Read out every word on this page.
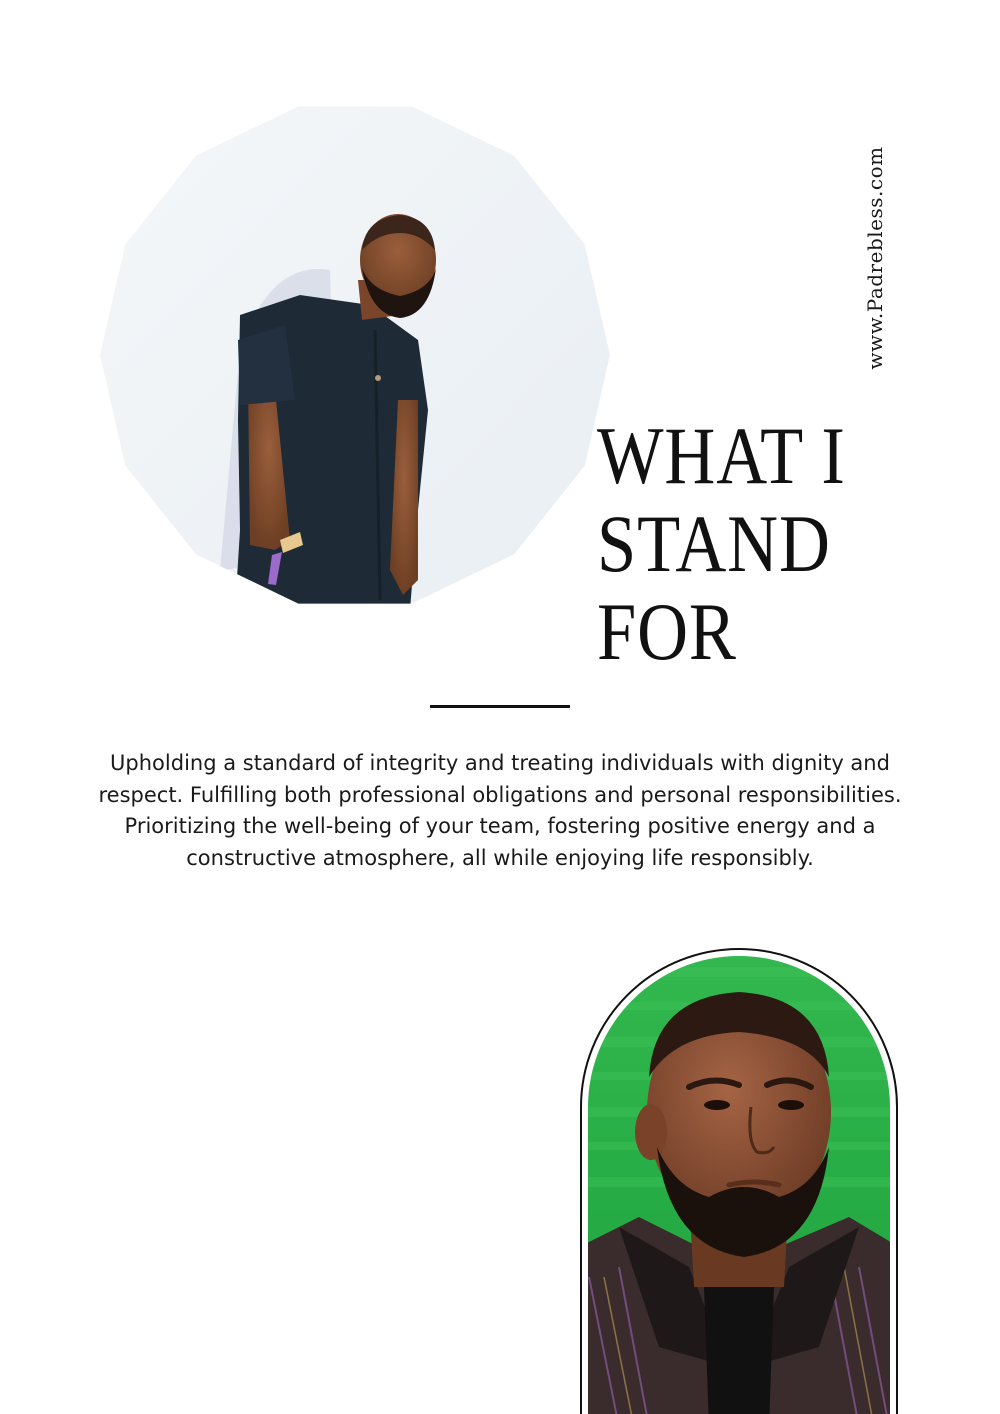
www.Padrebless.com
WHAT I
STAND
FOR

Upholding a standard of integrity and treating individuals with dignity and respect. Fulfilling both professional obligations and personal responsibilities. Prioritizing the well-being of your team, fostering positive energy and a constructive atmosphere, all while enjoying life responsibly.
